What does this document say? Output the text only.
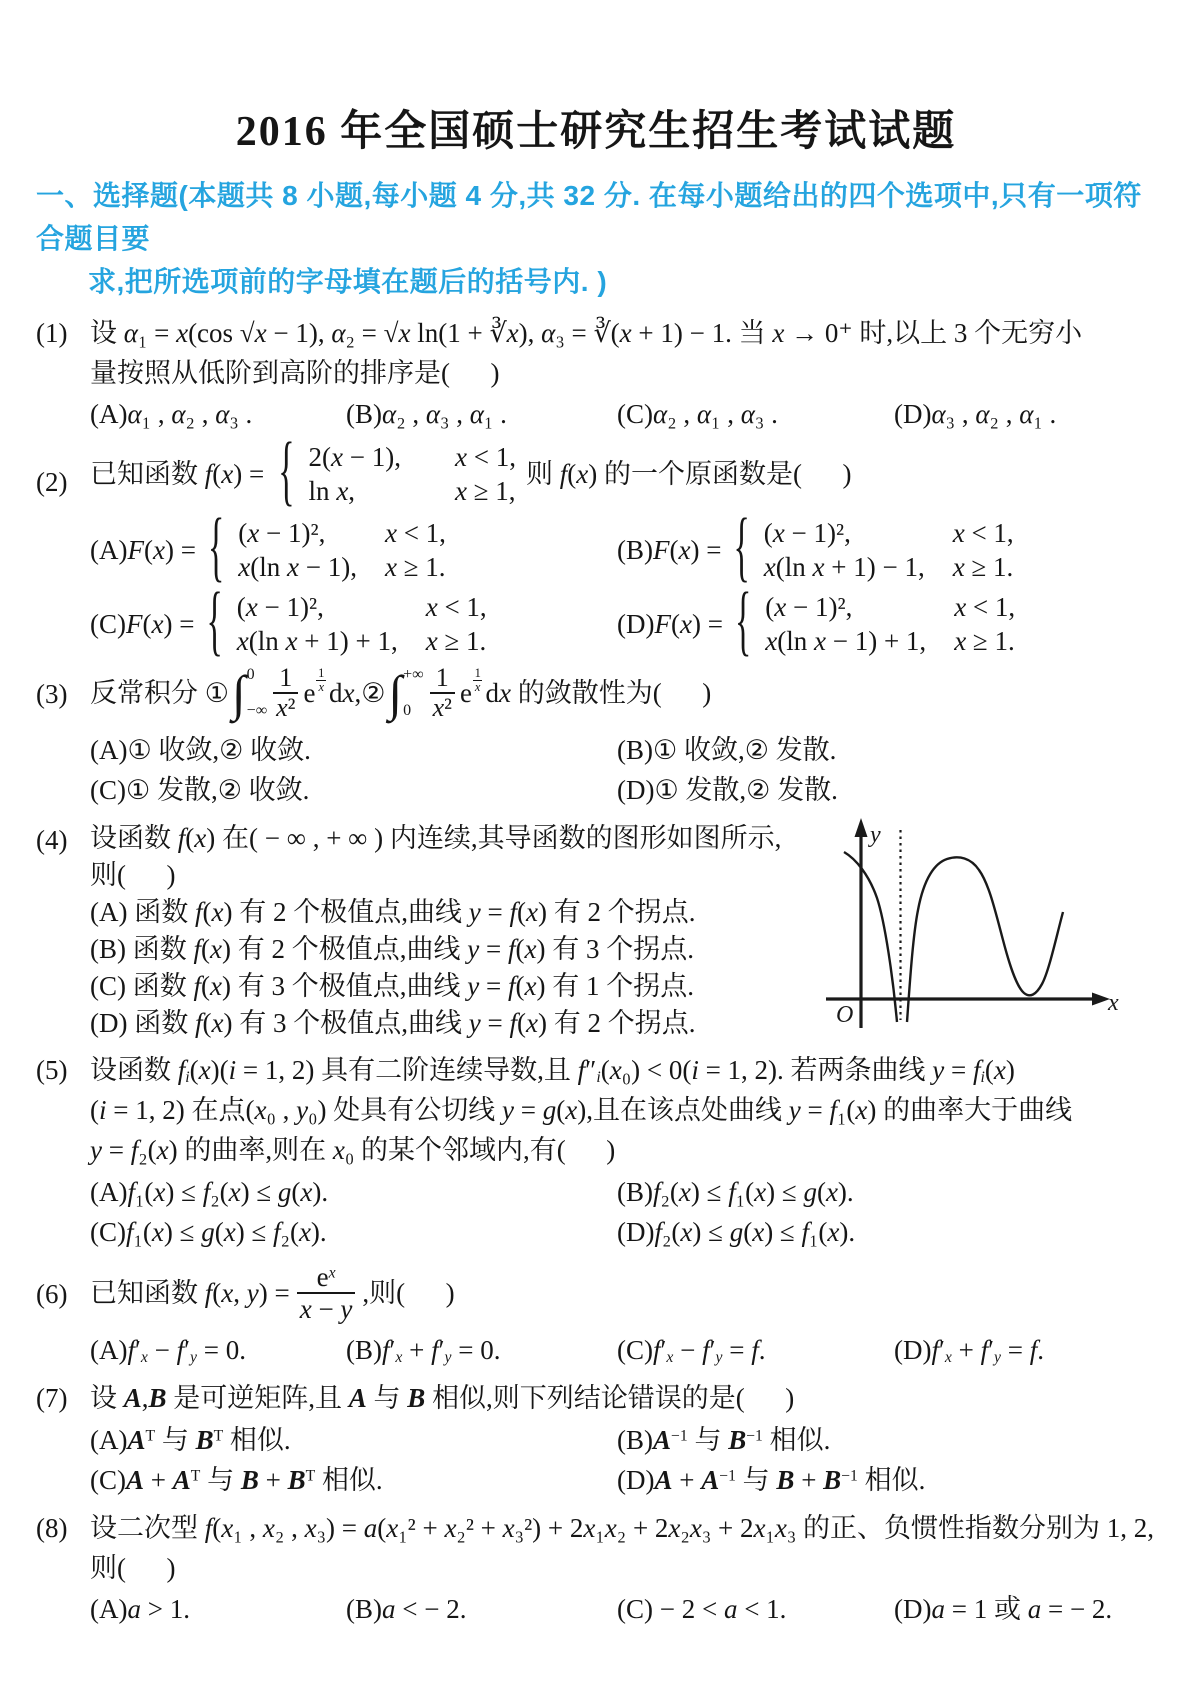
2016 年全国硕士研究生招生考试试题
一、选择题(本题共 8 小题,每小题 4 分,共 32 分. 在每小题给出的四个选项中,只有一项符合题目要
求,把所选项前的字母填在题后的括号内. )
(1) 设 α₁ = x(cos √x − 1), α₂ = √x ln(1 + ∛x), α₃ = ∛(x + 1) − 1. 当 x → 0⁺ 时,以上 3 个无穷小
量按照从低阶到高阶的排序是(      )
(A)α₁ , α₂ , α₃ .	(B)α₂ , α₃ , α₁ .	(C)α₂ , α₁ , α₃ .	(D)α₃ , α₂ , α₁ .
(2) 已知函数 f(x) = { 2(x − 1), x < 1,
ln x,	x ≥ 1,
则 f(x) 的一个原函数是(      )
(A)F(x) = { (x − 1)²,	x < 1,
x(ln x − 1), x ≥ 1.
(B)F(x) = { (x − 1)²,	x < 1,
x(ln x + 1) − 1, x ≥ 1.
(C)F(x) = { (x − 1)²,	x < 1,
x(ln x + 1) + 1, x ≥ 1.
(D)F(x) = { (x − 1)²,	x < 1,
x(ln x − 1) + 1, x ≥ 1.
(3) 反常积分 ① ∫ 0
−∞ $\frac{1}{\text{x²}}$ e $\frac{1}{x}$ dx,② ∫ +∞
$0 \frac{1}{\text{x²}}$ e $\frac{1}{x}$ dx 的敛散性为(      )
(A)① 收敛,② 收敛.	(B)① 收敛,② 发散.
(C)① 发散,② 收敛.	(D)① 发散,② 发散.
(4) 设函数 f(x) 在( − ∞ , + ∞ ) 内连续,其导函数的图形如图所示,
则(      )
(A) 函数 f(x) 有 2 个极值点,曲线 y = f(x) 有 2 个拐点.
(B) 函数 f(x) 有 2 个极值点,曲线 y = f(x) 有 3 个拐点.
(C) 函数 f(x) 有 3 个极值点,曲线 y = f(x) 有 1 个拐点.
(D) 函数 f(x) 有 3 个极值点,曲线 y = f(x) 有 2 个拐点.
y
x
O
(5) 设函数 $f_i(x)(i = 1$, 2) 具有二阶连续导数,且 $f''_i(x_0) < 0(i = 1$, 2). 若两条曲线 $y = f_i(x)$
(i = 1, 2) 在点(x₀ , y₀) 处具有公切线 y = g(x),且在该点处曲线 y = f₁(x) 的曲率大于曲线
y = f₂(x) 的曲率,则在 x₀ 的某个邻域内,有(      )
(A)f₁(x) ≤ f₂(x) ≤ g(x).	(B)f₂(x) ≤ f₁(x) ≤ g(x).
(C)f₁(x) ≤ g(x) ≤ f₂(x).	(D)f₂(x) ≤ g(x) ≤ f₁(x).
(6) 已知函数 f(x, $y) = \frac{e^x}{x - y}$ ,则(      )
$(A)f'_x - f'_y = 0$.	$(B)f'_x + f'_y = 0$.	$(C)f'_x - f'_y = f$.	$(D)f'_x + f'_y = f$.
(7) 设 A,B 是可逆矩阵,且 A 与 B 相似,则下列结论错误的是(      )
$(A)A^T$ 与 $B^T$ 相似.	$(B)A^{-1}$ 与 $B^{-1}$ 相似.
$(C)A + A^T$ 与 $B + B^T$ 相似.	$(D)A + A^{-1}$ 与 $B + B^{-1}$ 相似.
(8) 设二次型 f(x₁ , x₂ , x₃) = a(x₁² + x₂² + x₃²) + 2x₁x₂ + 2x₂x₃ + 2x₁x₃ 的正、负惯性指数分别为 1, 2,
则(      )
(A)a > 1.	(B)a < − 2.	(C) − 2 < a < 1.	(D)a = 1 或 a = − 2.
